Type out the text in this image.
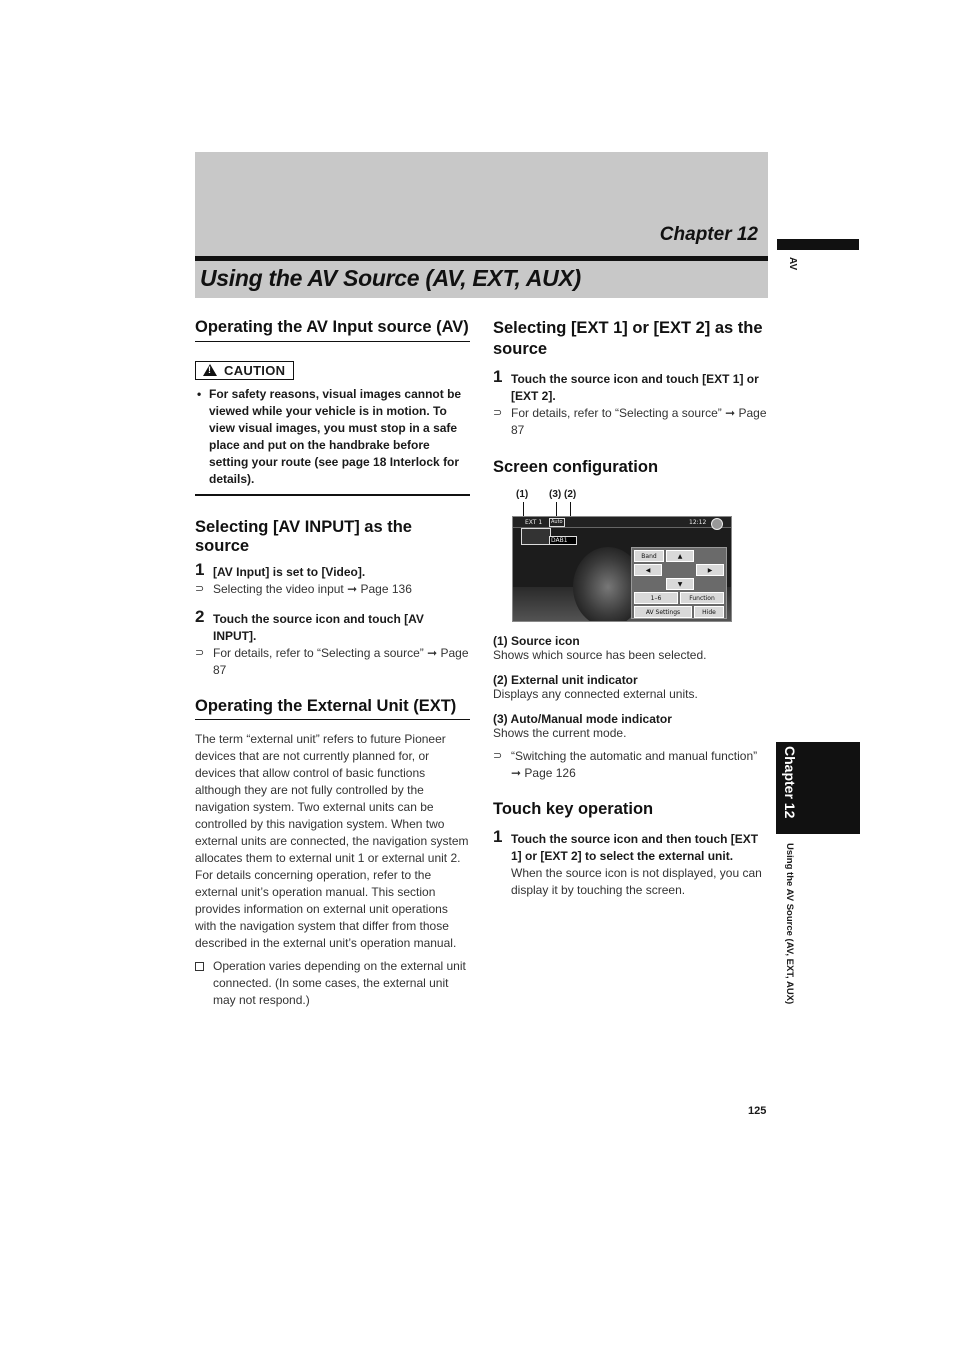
Chapter 12
Using the AV Source (AV, EXT, AUX)
AV
Chapter 12
Using the AV Source (AV, EXT, AUX)
Operating the AV Input source (AV)
!CAUTION
• For safety reasons, visual images cannot be viewed while your vehicle is in motion. To view visual images, you must stop in a safe place and put on the handbrake before setting your route (see page 18 Interlock for details).
Selecting [AV INPUT] as the source
1 [AV Input] is set to [Video].
⊃ Selecting the video input ➞ Page 136
2 Touch the source icon and touch [AV INPUT].
⊃ For details, refer to “Selecting a source” ➞ Page 87
Operating the External Unit (EXT)
The term “external unit” refers to future Pioneer devices that are not currently planned for, or devices that allow control of basic functions although they are not fully controlled by the navigation system. Two external units can be controlled by this navigation system. When two external units are connected, the navigation system allocates them to external unit 1 or external unit 2. For details concerning operation, refer to the external unit’s operation manual. This section provides information on external unit operations with the navigation system that differ from those described in the external unit’s operation manual.
Operation varies depending on the external unit connected. (In some cases, the external unit may not respond.)
Selecting [EXT 1] or [EXT 2] as the source
1 Touch the source icon and touch [EXT 1] or [EXT 2].
⊃ For details, refer to “Selecting a source” ➞ Page 87
Screen configuration
(1) (3) (2)
EXT 1 Auto	12:12
DAB1
Band	▲
◀	▶
▼
1–6	Function
AV Settings	Hide
(1) Source icon
Shows which source has been selected.
(2) External unit indicator
Displays any connected external units.
(3) Auto/Manual mode indicator
Shows the current mode.
⊃ “Switching the automatic and manual function” ➞ Page 126
Touch key operation
1 Touch the source icon and then touch [EXT 1] or [EXT 2] to select the external unit.
When the source icon is not displayed, you can display it by touching the screen.
125
